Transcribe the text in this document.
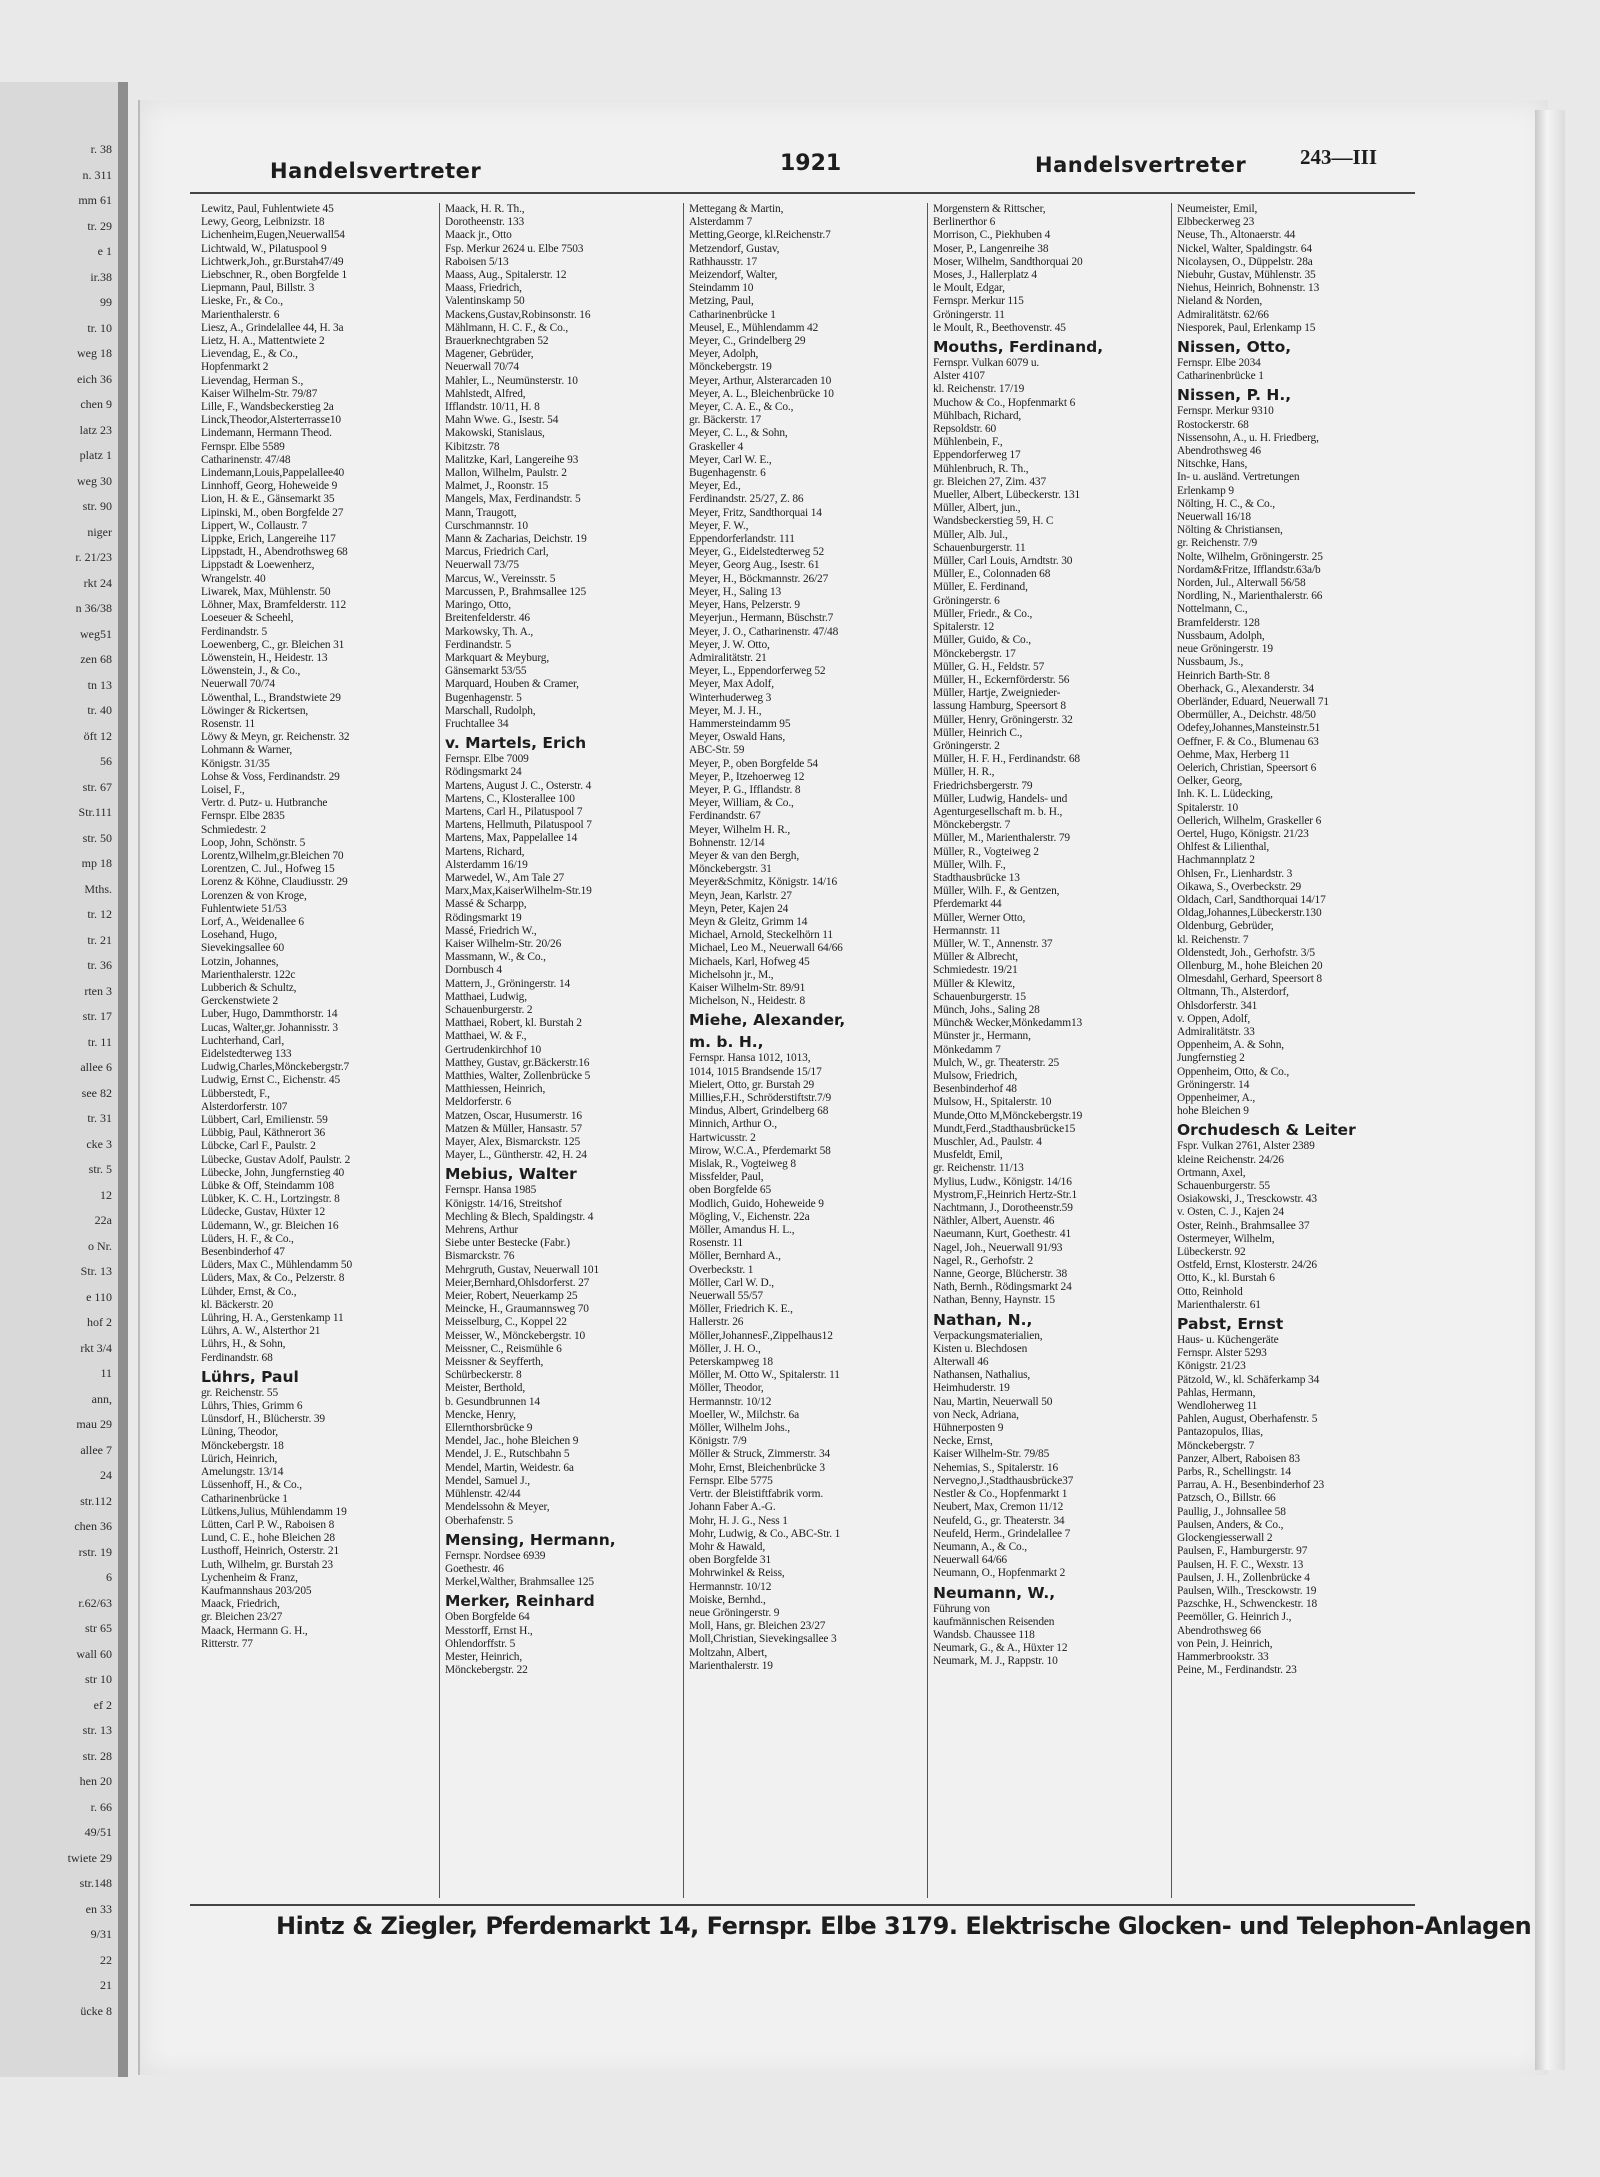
r. 38
n. 311
mm 61
tr. 29
e 1
ir.38
99
tr. 10
weg 18
eich 36
chen 9
latz 23
platz 1
weg 30
str. 90
niger
r. 21/23
rkt 24
n 36/38
weg51
zen 68
tn 13
tr. 40
öft 12
56
str. 67
Str.111
str. 50
mp 18
Mths.
tr. 12
tr. 21
tr. 36
rten 3
str. 17
tr. 11
allee 6
see 82
tr. 31
cke 3
str. 5
12
22a
o Nr.
Str. 13
e 110
hof 2
rkt 3/4
11
ann,
mau 29
allee 7
24
str.112
chen 36
rstr. 19
6
r.62/63
str 65
wall 60
str 10
ef 2
str. 13
str. 28
hen 20
r. 66
49/51
twiete 29
str.148
en 33
9/31
22
21
ücke 8
Handelsvertreter	1921	Handelsvertreter	243—III
Lewitz, Paul, Fuhlentwiete 45
Lewy, Georg, Leibnizstr. 18
Lichenheim,Eugen,Neuerwall54
Lichtwald, W., Pilatuspool 9
Lichtwerk,Joh., gr.Burstah47/49
Liebschner, R., oben Borgfelde 1
Liepmann, Paul, Billstr. 3
Lieske, Fr., & Co.,
Marienthalerstr. 6
Liesz, A., Grindelallee 44, H. 3a
Lietz, H. A., Mattentwiete 2
Lievendag, E., & Co.,
Hopfenmarkt 2
Lievendag, Herman S.,
Kaiser Wilhelm-Str. 79/87
Lille, F., Wandsbeckerstieg 2a
Linck,Theodor,Alsterterrasse10
Lindemann, Hermann Theod.
Fernspr. Elbe 5589
Catharinenstr. 47/48
Lindemann,Louis,Pappelallee40
Linnhoff, Georg, Hoheweide 9
Lion, H. & E., Gänsemarkt 35
Lipinski, M., oben Borgfelde 27
Lippert, W., Collaustr. 7
Lippke, Erich, Langereihe 117
Lippstadt, H., Abendrothsweg 68
Lippstadt & Loewenherz,
Wrangelstr. 40
Liwarek, Max, Mühlenstr. 50
Löhner, Max, Bramfelderstr. 112
Loeseuer & Scheehl,
Ferdinandstr. 5
Loewenberg, C., gr. Bleichen 31
Löwenstein, H., Heidestr. 13
Löwenstein, J., & Co.,
Neuerwall 70/74
Löwenthal, L., Brandstwiete 29
Löwinger & Rickertsen,
Rosenstr. 11
Löwy & Meyn, gr. Reichenstr. 32
Lohmann & Warner,
Königstr. 31/35
Lohse & Voss, Ferdinandstr. 29
Loisel, F.,
Vertr. d. Putz- u. Hutbranche
Fernspr. Elbe 2835
Schmiedestr. 2
Loop, John, Schönstr. 5
Lorentz,Wilhelm,gr.Bleichen 70
Lorentzen, C. Jul., Hofweg 15
Lorenz & Köhne, Claudiusstr. 29
Lorenzen & von Kroge,
Fuhlentwiete 51/53
Lorf, A., Weidenallee 6
Losehand, Hugo,
Sievekingsallee 60
Lotzin, Johannes,
Marienthalerstr. 122c
Lubberich & Schultz,
Gerckenstwiete 2
Luber, Hugo, Dammthorstr. 14
Lucas, Walter,gr. Johannisstr. 3
Luchterhand, Carl,
Eidelstedterweg 133
Ludwig,Charles,Mönckebergstr.7
Ludwig, Ernst C., Eichenstr. 45
Lübberstedt, F.,
Alsterdorferstr. 107
Lübbert, Carl, Emilienstr. 59
Lübbig, Paul, Käthnerort 36
Lübcke, Carl F., Paulstr. 2
Lübecke, Gustav Adolf, Paulstr. 2
Lübecke, John, Jungfernstieg 40
Lübke & Off, Steindamm 108
Lübker, K. C. H., Lortzingstr. 8
Lüdecke, Gustav, Hüxter 12
Lüdemann, W., gr. Bleichen 16
Lüders, H. F., & Co.,
Besenbinderhof 47
Lüders, Max C., Mühlendamm 50
Lüders, Max, & Co., Pelzerstr. 8
Lühder, Ernst, & Co.,
kl. Bäckerstr. 20
Lühring, H. A., Gerstenkamp 11
Lührs, A. W., Alsterthor 21
Lührs, H., & Sohn,
Ferdinandstr. 68
Lührs, Paul
gr. Reichenstr. 55
Lührs, Thies, Grimm 6
Lünsdorf, H., Blücherstr. 39
Lüning, Theodor,
Mönckebergstr. 18
Lürich, Heinrich,
Amelungstr. 13/14
Lüssenhoff, H., & Co.,
Catharinenbrücke 1
Lütkens,Julius, Mühlendamm 19
Lütten, Carl P. W., Raboisen 8
Lund, C. E., hohe Bleichen 28
Lusthoff, Heinrich, Osterstr. 21
Luth, Wilhelm, gr. Burstah 23
Lychenheim & Franz,
Kaufmannshaus 203/205
Maack, Friedrich,
gr. Bleichen 23/27
Maack, Hermann G. H.,
Ritterstr. 77
Maack, H. R. Th.,
Dorotheenstr. 133
Maack jr., Otto
Fsp. Merkur 2624 u. Elbe 7503
Raboisen 5/13
Maass, Aug., Spitalerstr. 12
Maass, Friedrich,
Valentinskamp 50
Mackens,Gustav,Robinsonstr. 16
Mählmann, H. C. F., & Co.,
Brauerknechtgraben 52
Magener, Gebrüder,
Neuerwall 70/74
Mahler, L., Neumünsterstr. 10
Mahlstedt, Alfred,
Ifflandstr. 10/11, H. 8
Mahn Wwe. G., Isestr. 54
Makowski, Stanislaus,
Kibitzstr. 78
Malitzke, Karl, Langereihe 93
Mallon, Wilhelm, Paulstr. 2
Malmet, J., Roonstr. 15
Mangels, Max, Ferdinandstr. 5
Mann, Traugott,
Curschmannstr. 10
Mann & Zacharias, Deichstr. 19
Marcus, Friedrich Carl,
Neuerwall 73/75
Marcus, W., Vereinsstr. 5
Marcussen, P., Brahmsallee 125
Maringo, Otto,
Breitenfelderstr. 46
Markowsky, Th. A.,
Ferdinandstr. 5
Markquart & Meyburg,
Gänsemarkt 53/55
Marquard, Houben & Cramer,
Bugenhagenstr. 5
Marschall, Rudolph,
Fruchtallee 34
v. Martels, Erich
Fernspr. Elbe 7009
Rödingsmarkt 24
Martens, August J. C., Osterstr. 4
Martens, C., Klosterallee 100
Martens, Carl H., Pilatuspool 7
Martens, Hellmuth, Pilatuspool 7
Martens, Max, Pappelallee 14
Martens, Richard,
Alsterdamm 16/19
Marwedel, W., Am Tale 27
Marx,Max,KaiserWilhelm-Str.19
Massé & Scharpp,
Rödingsmarkt 19
Massé, Friedrich W.,
Kaiser Wilhelm-Str. 20/26
Massmann, W., & Co.,
Dornbusch 4
Mattern, J., Gröningerstr. 14
Matthaei, Ludwig,
Schauenburgerstr. 2
Matthaei, Robert, kl. Burstah 2
Matthaei, W. & F.,
Gertrudenkirchhof 10
Matthey, Gustav, gr.Bäckerstr.16
Matthies, Walter, Zollenbrücke 5
Matthiessen, Heinrich,
Meldorferstr. 6
Matzen, Oscar, Husumerstr. 16
Matzen & Müller, Hansastr. 57
Mayer, Alex, Bismarckstr. 125
Mayer, L., Güntherstr. 42, H. 24
Mebius, Walter
Fernspr. Hansa 1985
Königstr. 14/16, Streitshof
Mechling & Blech, Spaldingstr. 4
Mehrens, Arthur
Siebe unter Bestecke (Fabr.)
Bismarckstr. 76
Mehrgruth, Gustav, Neuerwall 101
Meier,Bernhard,Ohlsdorferst. 27
Meier, Robert, Neuerkamp 25
Meincke, H., Graumannsweg 70
Meisselburg, C., Koppel 22
Meisser, W., Mönckebergstr. 10
Meissner, C., Reismühle 6
Meissner & Seyfferth,
Schürbeckerstr. 8
Meister, Berthold,
b. Gesundbrunnen 14
Mencke, Henry,
Ellernthorsbrücke 9
Mendel, Jac., hohe Bleichen 9
Mendel, J. E., Rutschbahn 5
Mendel, Martin, Weidestr. 6a
Mendel, Samuel J.,
Mühlenstr. 42/44
Mendelssohn & Meyer,
Oberhafenstr. 5
Mensing, Hermann,
Fernspr. Nordsee 6939
Goethestr. 46
Merkel,Walther, Brahmsallee 125
Merker, Reinhard
Oben Borgfelde 64
Messtorff, Ernst H.,
Ohlendorffstr. 5
Mester, Heinrich,
Mönckebergstr. 22
Mettegang & Martin,
Alsterdamm 7
Metting,George, kl.Reichenstr.7
Metzendorf, Gustav,
Rathhausstr. 17
Meizendorf, Walter,
Steindamm 10
Metzing, Paul,
Catharinenbrücke 1
Meusel, E., Mühlendamm 42
Meyer, C., Grindelberg 29
Meyer, Adolph,
Mönckebergstr. 19
Meyer, Arthur, Alsterarcaden 10
Meyer, A. L., Bleichenbrücke 10
Meyer, C. A. E., & Co.,
gr. Bäckerstr. 17
Meyer, C. L., & Sohn,
Graskeller 4
Meyer, Carl W. E.,
Bugenhagenstr. 6
Meyer, Ed.,
Ferdinandstr. 25/27, Z. 86
Meyer, Fritz, Sandthorquai 14
Meyer, F. W.,
Eppendorferlandstr. 111
Meyer, G., Eidelstedterweg 52
Meyer, Georg Aug., Isestr. 61
Meyer, H., Böckmannstr. 26/27
Meyer, H., Saling 13
Meyer, Hans, Pelzerstr. 9
Meyerjun., Hermann, Büschstr.7
Meyer, J. O., Catharinenstr. 47/48
Meyer, J. W. Otto,
Admiralitätstr. 21
Meyer, L., Eppendorferweg 52
Meyer, Max Adolf,
Winterhuderweg 3
Meyer, M. J. H.,
Hammersteindamm 95
Meyer, Oswald Hans,
ABC-Str. 59
Meyer, P., oben Borgfelde 54
Meyer, P., Itzehoerweg 12
Meyer, P. G., Ifflandstr. 8
Meyer, William, & Co.,
Ferdinandstr. 67
Meyer, Wilhelm H. R.,
Bohnenstr. 12/14
Meyer & van den Bergh,
Mönckebergstr. 31
Meyer&Schmitz, Königstr. 14/16
Meyn, Jean, Karlstr. 27
Meyn, Peter, Kajen 24
Meyn & Gleitz, Grimm 14
Michael, Arnold, Steckelhörn 11
Michael, Leo M., Neuerwall 64/66
Michaels, Karl, Hofweg 45
Michelsohn jr., M.,
Kaiser Wilhelm-Str. 89/91
Michelson, N., Heidestr. 8
Miehe, Alexander,
m. b. H.,
Fernspr. Hansa 1012, 1013,
1014, 1015 Brandsende 15/17
Mielert, Otto, gr. Burstah 29
Millies,F.H., Schröderstiftstr.7/9
Mindus, Albert, Grindelberg 68
Minnich, Arthur O.,
Hartwicusstr. 2
Mirow, W.C.A., Pferdemarkt 58
Mislak, R., Vogteiweg 8
Missfelder, Paul,
oben Borgfelde 65
Modlich, Guido, Hoheweide 9
Mögling, V., Eichenstr. 22a
Möller, Amandus H. L.,
Rosenstr. 11
Möller, Bernhard A.,
Overbeckstr. 1
Möller, Carl W. D.,
Neuerwall 55/57
Möller, Friedrich K. E.,
Hallerstr. 26
Möller,JohannesF.,Zippelhaus12
Möller, J. H. O.,
Peterskampweg 18
Möller, M. Otto W., Spitalerstr. 11
Möller, Theodor,
Hermannstr. 10/12
Moeller, W., Milchstr. 6a
Möller, Wilhelm Johs.,
Königstr. 7/9
Möller & Struck, Zimmerstr. 34
Mohr, Ernst, Bleichenbrücke 3
Fernspr. Elbe 5775
Vertr. der Bleistiftfabrik vorm.
Johann Faber A.-G.
Mohr, H. J. G., Ness 1
Mohr, Ludwig, & Co., ABC-Str. 1
Mohr & Hawald,
oben Borgfelde 31
Mohrwinkel & Reiss,
Hermannstr. 10/12
Moiske, Bernhd.,
neue Gröningerstr. 9
Moll, Hans, gr. Bleichen 23/27
Moll,Christian, Sievekingsallee 3
Moltzahn, Albert,
Marienthalerstr. 19
Morgenstern & Rittscher,
Berlinerthor 6
Morrison, C., Piekhuben 4
Moser, P., Langenreihe 38
Moser, Wilhelm, Sandthorquai 20
Moses, J., Hallerplatz 4
le Moult, Edgar,
Fernspr. Merkur 115
Gröningerstr. 11
le Moult, R., Beethovenstr. 45
Mouths, Ferdinand,
Fernspr. Vulkan 6079 u.
Alster 4107
kl. Reichenstr. 17/19
Muchow & Co., Hopfenmarkt 6
Mühlbach, Richard,
Repsoldstr. 60
Mühlenbein, F.,
Eppendorferweg 17
Mühlenbruch, R. Th.,
gr. Bleichen 27, Zim. 437
Mueller, Albert, Lübeckerstr. 131
Müller, Albert, jun.,
Wandsbeckerstieg 59, H. C
Müller, Alb. Jul.,
Schauenburgerstr. 11
Müller, Carl Louis, Arndtstr. 30
Müller, E., Colonnaden 68
Müller, E. Ferdinand,
Gröningerstr. 6
Müller, Friedr., & Co.,
Spitalerstr. 12
Müller, Guido, & Co.,
Mönckebergstr. 17
Müller, G. H., Feldstr. 57
Müller, H., Eckernförderstr. 56
Müller, Hartje, Zweignieder-
lassung Hamburg, Speersort 8
Müller, Henry, Gröningerstr. 32
Müller, Heinrich C.,
Gröningerstr. 2
Müller, H. F. H., Ferdinandstr. 68
Müller, H. R.,
Friedrichsbergerstr. 79
Müller, Ludwig, Handels- und
Agenturgesellschaft m. b. H.,
Mönckebergstr. 7
Müller, M., Marienthalerstr. 79
Müller, R., Vogteiweg 2
Müller, Wilh. F.,
Stadthausbrücke 13
Müller, Wilh. F., & Gentzen,
Pferdemarkt 44
Müller, Werner Otto,
Hermannstr. 11
Müller, W. T., Annenstr. 37
Müller & Albrecht,
Schmiedestr. 19/21
Müller & Klewitz,
Schauenburgerstr. 15
Münch, Johs., Saling 28
Münch& Wecker,Mönkedamm13
Münster jr., Hermann,
Mönkedamm 7
Mulch, W., gr. Theaterstr. 25
Mulsow, Friedrich,
Besenbinderhof 48
Mulsow, H., Spitalerstr. 10
Munde,Otto M,Mönckebergstr.19
Mundt,Ferd.,Stadthausbrücke15
Muschler, Ad., Paulstr. 4
Musfeldt, Emil,
gr. Reichenstr. 11/13
Mylius, Ludw., Königstr. 14/16
Mystrom,F.,Heinrich Hertz-Str.1
Nachtmann, J., Dorotheenstr.59
Näthler, Albert, Auenstr. 46
Naeumann, Kurt, Goethestr. 41
Nagel, Joh., Neuerwall 91/93
Nagel, R., Gerhofstr. 2
Nanne, George, Blücherstr. 38
Nath, Bernh., Rödingsmarkt 24
Nathan, Benny, Haynstr. 15
Nathan, N.,
Verpackungsmaterialien,
Kisten u. Blechdosen
Alterwall 46
Nathansen, Nathalius,
Heimhuderstr. 19
Nau, Martin, Neuerwall 50
von Neck, Adriana,
Hühnerposten 9
Necke, Ernst,
Kaiser Wilhelm-Str. 79/85
Nehemias, S., Spitalerstr. 16
Nervegno,J.,Stadthausbrücke37
Nestler & Co., Hopfenmarkt 1
Neubert, Max, Cremon 11/12
Neufeld, G., gr. Theaterstr. 34
Neufeld, Herm., Grindelallee 7
Neumann, A., & Co.,
Neuerwall 64/66
Neumann, O., Hopfenmarkt 2
Neumann, W.,
Führung von
kaufmännischen Reisenden
Wandsb. Chaussee 118
Neumark, G., & A., Hüxter 12
Neumark, M. J., Rappstr. 10
Neumeister, Emil,
Elbbeckerweg 23
Neuse, Th., Altonaerstr. 44
Nickel, Walter, Spaldingstr. 64
Nicolaysen, O., Düppelstr. 28a
Niebuhr, Gustav, Mühlenstr. 35
Niehus, Heinrich, Bohnenstr. 13
Nieland & Norden,
Admiralitätstr. 62/66
Niesporek, Paul, Erlenkamp 15
Nissen, Otto,
Fernspr. Elbe 2034
Catharinenbrücke 1
Nissen, P. H.,
Fernspr. Merkur 9310
Rostockerstr. 68
Nissensohn, A., u. H. Friedberg,
Abendrothsweg 46
Nitschke, Hans,
In- u. ausländ. Vertretungen
Erlenkamp 9
Nölting, H. C., & Co.,
Neuerwall 16/18
Nölting & Christiansen,
gr. Reichenstr. 7/9
Nolte, Wilhelm, Gröningerstr. 25
Nordam&Fritze, Ifflandstr.63a/b
Norden, Jul., Alterwall 56/58
Nordling, N., Marienthalerstr. 66
Nottelmann, C.,
Bramfelderstr. 128
Nussbaum, Adolph,
neue Gröningerstr. 19
Nussbaum, Js.,
Heinrich Barth-Str. 8
Oberhack, G., Alexanderstr. 34
Oberländer, Eduard, Neuerwall 71
Obermüller, A., Deichstr. 48/50
Odefey,Johannes,Mansteinstr.51
Oeffner, F. & Co., Blumenau 63
Oehme, Max, Herberg 11
Oelerich, Christian, Speersort 6
Oelker, Georg,
Inh. K. L. Lüdecking,
Spitalerstr. 10
Oellerich, Wilhelm, Graskeller 6
Oertel, Hugo, Königstr. 21/23
Ohlfest & Lilienthal,
Hachmannplatz 2
Ohlsen, Fr., Lienhardstr. 3
Oikawa, S., Overbeckstr. 29
Oldach, Carl, Sandthorquai 14/17
Oldag,Johannes,Lübeckerstr.130
Oldenburg, Gebrüder,
kl. Reichenstr. 7
Oldenstedt, Joh., Gerhofstr. 3/5
Ollenburg, M., hohe Bleichen 20
Olmesdahl, Gerhard, Speersort 8
Oltmann, Th., Alsterdorf,
Ohlsdorferstr. 341
v. Oppen, Adolf,
Admiralitätstr. 33
Oppenheim, A. & Sohn,
Jungfernstieg 2
Oppenheim, Otto, & Co.,
Gröningerstr. 14
Oppenheimer, A.,
hohe Bleichen 9
Orchudesch & Leiter
Fspr. Vulkan 2761, Alster 2389
kleine Reichenstr. 24/26
Ortmann, Axel,
Schauenburgerstr. 55
Osiakowski, J., Tresckowstr. 43
v. Osten, C. J., Kajen 24
Oster, Reinh., Brahmsallee 37
Ostermeyer, Wilhelm,
Lübeckerstr. 92
Ostfeld, Ernst, Klosterstr. 24/26
Otto, K., kl. Burstah 6
Otto, Reinhold
Marienthalerstr. 61
Pabst, Ernst
Haus- u. Küchengeräte
Fernspr. Alster 5293
Königstr. 21/23
Pätzold, W., kl. Schäferkamp 34
Pahlas, Hermann,
Wendloherweg 11
Pahlen, August, Oberhafenstr. 5
Pantazopulos, Ilias,
Mönckebergstr. 7
Panzer, Albert, Raboisen 83
Parbs, R., Schellingstr. 14
Parrau, A. H., Besenbinderhof 23
Patzsch, O., Billstr. 66
Paullig, J., Johnsallee 58
Paulsen, Anders, & Co.,
Glockengiesserwall 2
Paulsen, F., Hamburgerstr. 97
Paulsen, H. F. C., Wexstr. 13
Paulsen, J. H., Zollenbrücke 4
Paulsen, Wilh., Tresckowstr. 19
Pazschke, H., Schwenckestr. 18
Peemöller, G. Heinrich J.,
Abendrothsweg 66
von Pein, J. Heinrich,
Hammerbrookstr. 33
Peine, M., Ferdinandstr. 23
Hintz & Ziegler, Pferdemarkt 14, Fernspr. Elbe 3179. Elektrische Glocken- und Telephon-Anlagen
